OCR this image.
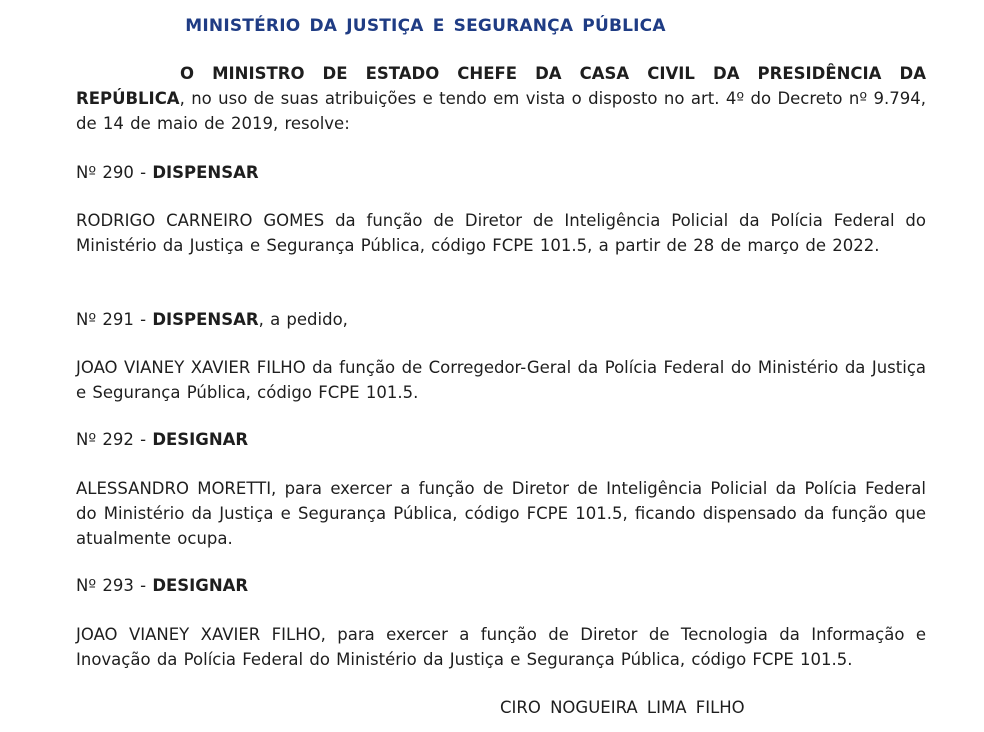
MINISTÉRIO DA JUSTIÇA E SEGURANÇA PÚBLICA
O MINISTRO DE ESTADO CHEFE DA CASA CIVIL DA PRESIDÊNCIA DA REPÚBLICA, no uso de suas atribuições e tendo em vista o disposto no art. 4º do Decreto nº 9.794, de 14 de maio de 2019, resolve:
Nº 290 - DISPENSAR
RODRIGO CARNEIRO GOMES da função de Diretor de Inteligência Policial da Polícia Federal do Ministério da Justiça e Segurança Pública, código FCPE 101.5, a partir de 28 de março de 2022.
Nº 291 - DISPENSAR, a pedido,
JOAO VIANEY XAVIER FILHO da função de Corregedor-Geral da Polícia Federal do Ministério da Justiça e Segurança Pública, código FCPE 101.5.
Nº 292 - DESIGNAR
ALESSANDRO MORETTI, para exercer a função de Diretor de Inteligência Policial da Polícia Federal do Ministério da Justiça e Segurança Pública, código FCPE 101.5, ficando dispensado da função que atualmente ocupa.
Nº 293 - DESIGNAR
JOAO VIANEY XAVIER FILHO, para exercer a função de Diretor de Tecnologia da Informação e Inovação da Polícia Federal do Ministério da Justiça e Segurança Pública, código FCPE 101.5.
CIRO NOGUEIRA LIMA FILHO
